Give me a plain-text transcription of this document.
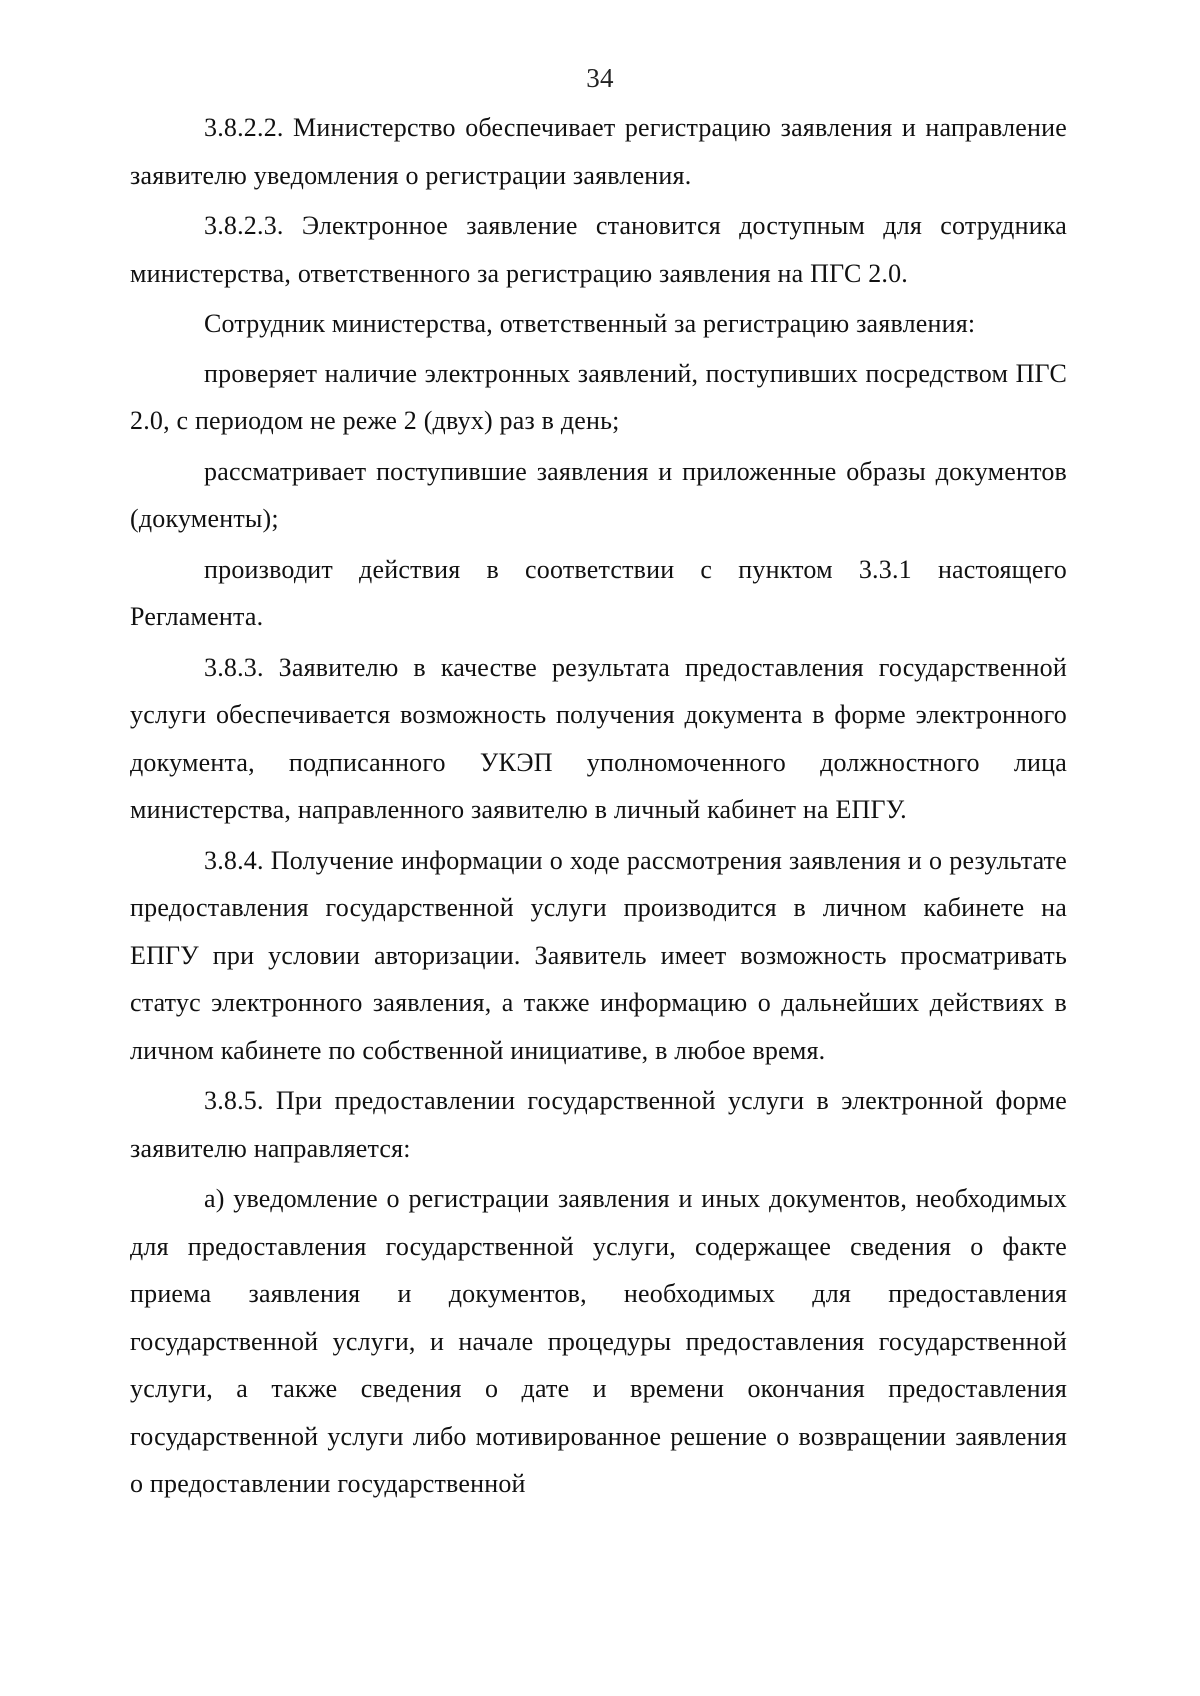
34

3.8.2.2. Министерство обеспечивает регистрацию заявления и направление заявителю уведомления о регистрации заявления.

3.8.2.3. Электронное заявление становится доступным для сотрудника министерства, ответственного за регистрацию заявления на ПГС 2.0.

Сотрудник министерства, ответственный за регистрацию заявления:

проверяет наличие электронных заявлений, поступивших посредством ПГС 2.0, с периодом не реже 2 (двух) раз в день;

рассматривает поступившие заявления и приложенныe образы документов (документы);

производит действия в соответствии с пунктом 3.3.1 настоящего Регламента.

3.8.3. Заявителю в качестве результата предоставления государственной услуги обеспечивается возможность получения документа в форме электронного документа, подписанного УКЭП уполномоченного должностного лица министерства, направленного заявителю в личный кабинет на ЕПГУ.

3.8.4. Получение информации о ходе рассмотрения заявления и о результате предоставления государственной услуги производится в личном кабинете на ЕПГУ при условии авторизации. Заявитель имеет возможность просматривать статус электронного заявления, а также информацию о дальнейших действиях в личном кабинете по собственной инициативе, в любое время.

3.8.5. При предоставлении государственной услуги в электронной форме заявителю направляется:

а) уведомление о регистрации заявления и иных документов, необходимых для предоставления государственной услуги, содержащее сведения о факте приема заявления и документов, необходимых для предоставления государственной услуги, и начале процедуры предоставления государственной услуги, а также сведения о дате и времени окончания предоставления государственной услуги либо мотивированное решение о возвращении заявления о предоставлении государственной
